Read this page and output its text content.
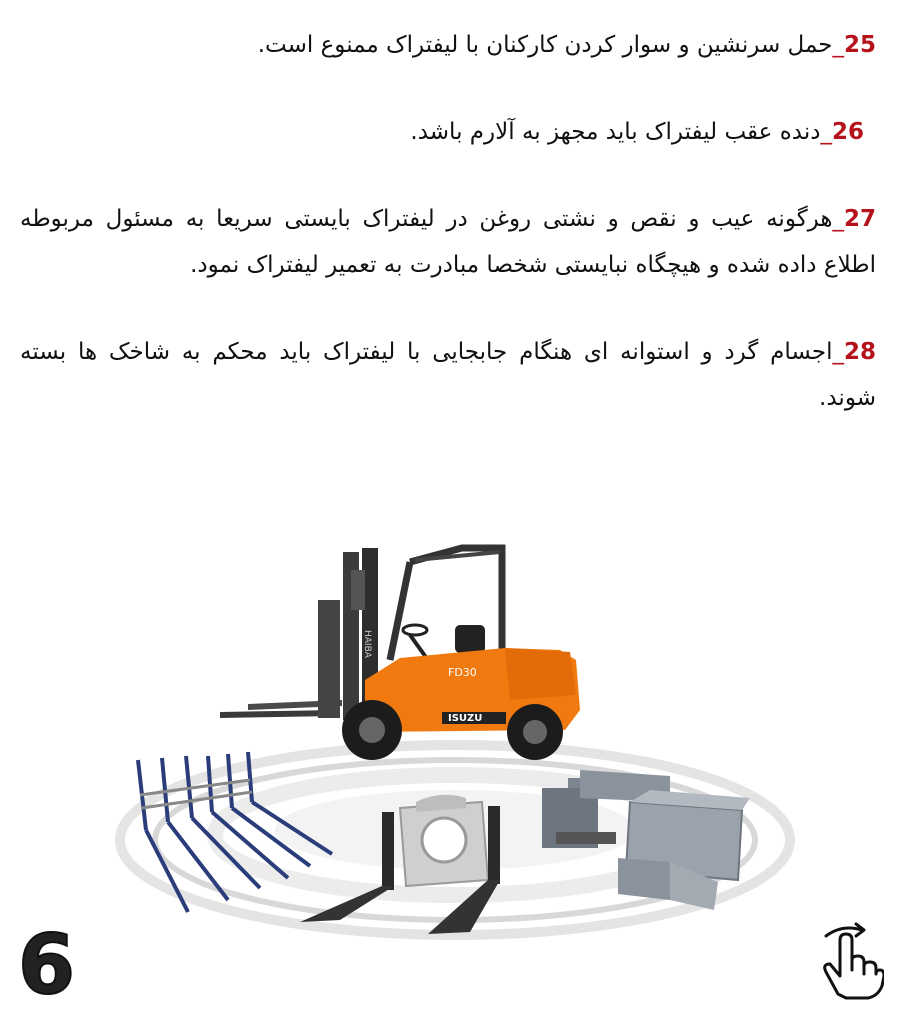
25_حمل سرنشین و سوار کردن کارکنان با لیفتراک ممنوع است.

26_دنده عقب لیفتراک باید مجهز به آلارم باشد.

27_هرگونه عیب و نقص و نشتی روغن در لیفتراک بایستی سریعا به مسئول مربوطه اطلاع داده شده و هیچگاه نبایستی شخصا مبادرت به تعمیر لیفتراک نمود.

28_اجسام گرد و استوانه ای هنگام جابجایی با لیفتراک باید محکم به شاخک ها بسته شوند.

HAIBA
ISUZU
FD30
6
